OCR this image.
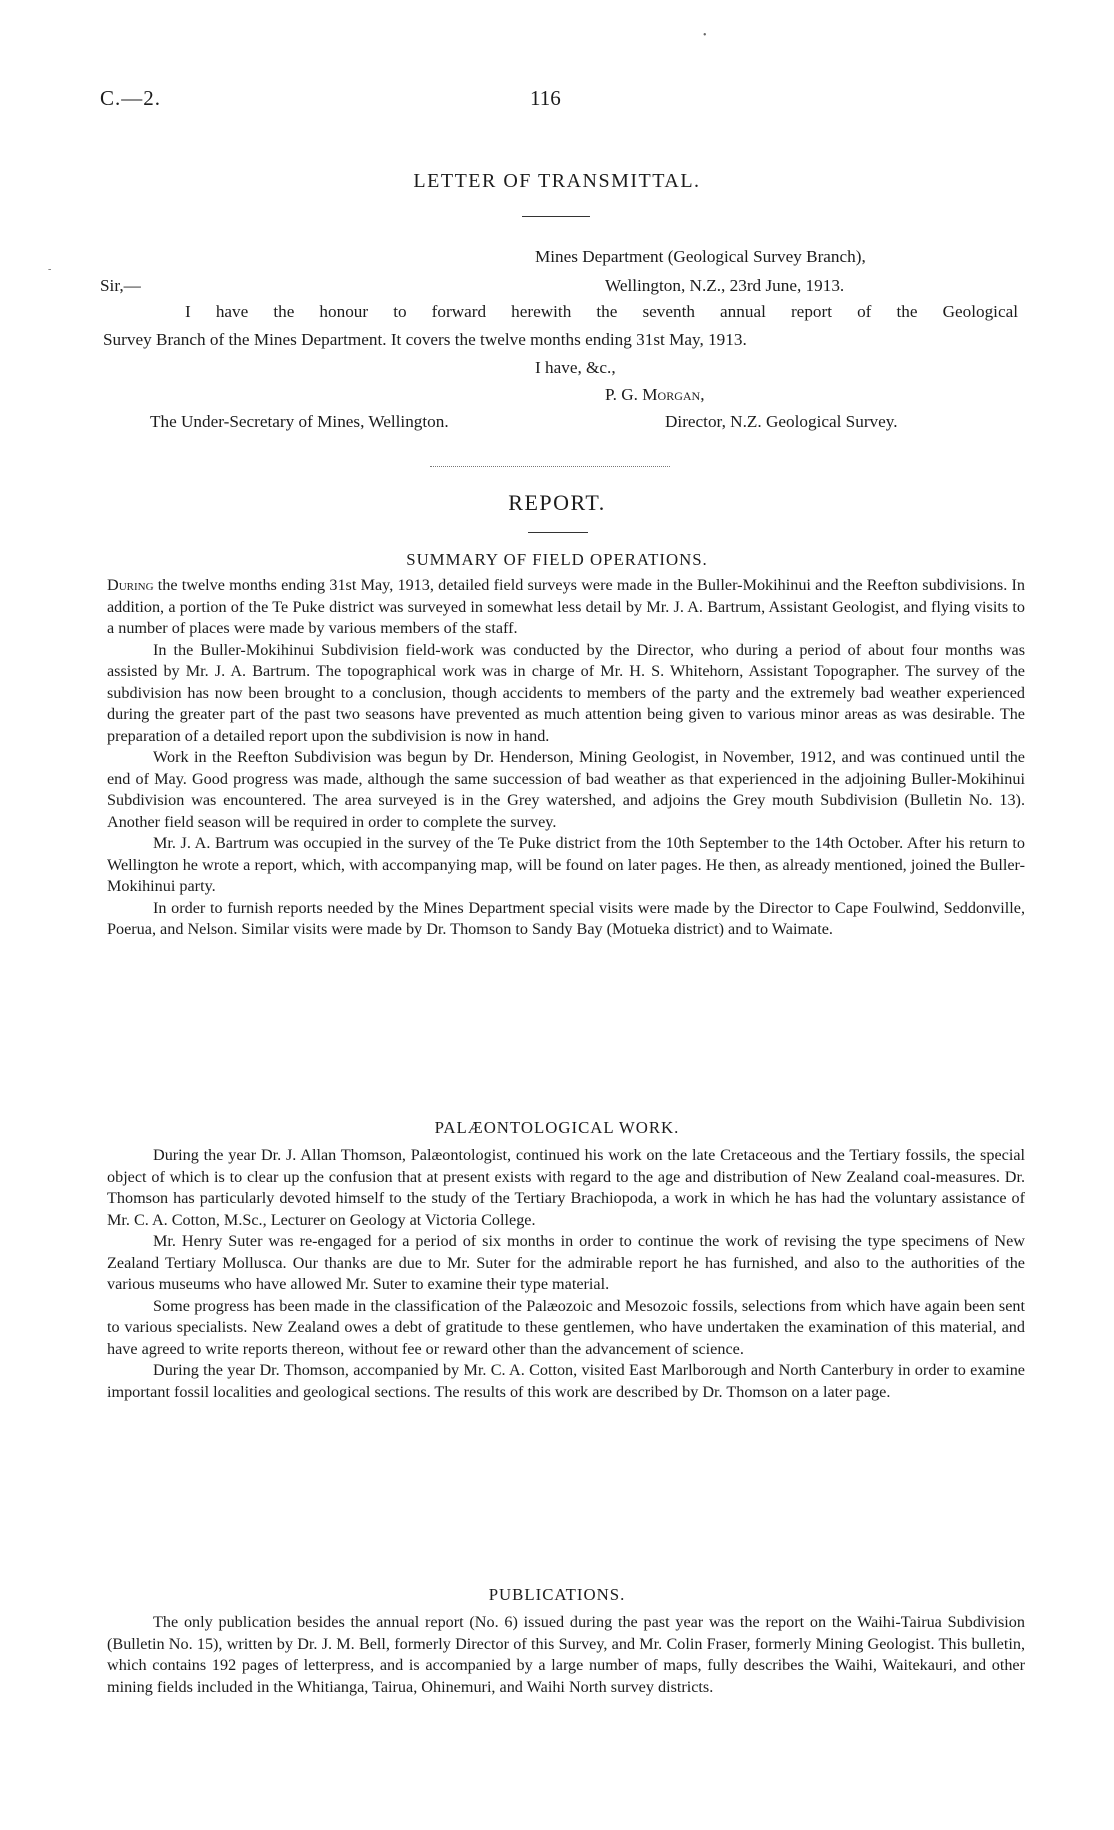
C.—2.	116
•
-
LETTER OF TRANSMITTAL.
Mines Department (Geological Survey Branch),
Sir,—	Wellington, N.Z., 23rd June, 1913.
I have the honour to forward herewith the seventh annual report of the Geological
Survey Branch of the Mines Department. It covers the twelve months ending 31st May, 1913.
I have, &c.,
P. G. Morgan,
The Under-Secretary of Mines, Wellington.	Director, N.Z. Geological Survey.
REPORT.
SUMMARY OF FIELD OPERATIONS.

During the twelve months ending 31st May, 1913, detailed field surveys were made in the Buller-Mokihinui and the Reefton subdivisions. In addition, a portion of the Te Puke district was surveyed in somewhat less detail by Mr. J. A. Bartrum, Assistant Geologist, and flying visits to a number of places were made by various members of the staff.

In the Buller-Mokihinui Subdivision field-work was conducted by the Director, who during a period of about four months was assisted by Mr. J. A. Bartrum. The topographical work was in charge of Mr. H. S. Whitehorn, Assistant Topographer. The survey of the subdivision has now been brought to a conclusion, though accidents to members of the party and the extremely bad weather experienced during the greater part of the past two seasons have prevented as much attention being given to various minor areas as was desirable. The preparation of a detailed report upon the subdivision is now in hand.

Work in the Reefton Subdivision was begun by Dr. Henderson, Mining Geologist, in November, 1912, and was continued until the end of May. Good progress was made, although the same succession of bad weather as that experienced in the adjoining Buller-Mokihinui Subdivision was encountered. The area surveyed is in the Grey watershed, and adjoins the Grey mouth Subdivision (Bulletin No. 13). Another field season will be required in order to complete the survey.

Mr. J. A. Bartrum was occupied in the survey of the Te Puke district from the 10th September to the 14th October. After his return to Wellington he wrote a report, which, with accompanying map, will be found on later pages. He then, as already mentioned, joined the Buller-Mokihinui party.

In order to furnish reports needed by the Mines Department special visits were made by the Director to Cape Foulwind, Seddonville, Poerua, and Nelson. Similar visits were made by Dr. Thomson to Sandy Bay (Motueka district) and to Waimate.

PALÆONTOLOGICAL WORK.

During the year Dr. J. Allan Thomson, Palæontologist, continued his work on the late Cretaceous and the Tertiary fossils, the special object of which is to clear up the confusion that at present exists with regard to the age and distribution of New Zealand coal-measures. Dr. Thomson has particularly devoted himself to the study of the Tertiary Brachiopoda, a work in which he has had the voluntary assistance of Mr. C. A. Cotton, M.Sc., Lecturer on Geology at Victoria College.

Mr. Henry Suter was re-engaged for a period of six months in order to continue the work of revising the type specimens of New Zealand Tertiary Mollusca. Our thanks are due to Mr. Suter for the admirable report he has furnished, and also to the authorities of the various museums who have allowed Mr. Suter to examine their type material.

Some progress has been made in the classification of the Palæozoic and Mesozoic fossils, selections from which have again been sent to various specialists. New Zealand owes a debt of gratitude to these gentlemen, who have undertaken the examination of this material, and have agreed to write reports thereon, without fee or reward other than the advancement of science.

During the year Dr. Thomson, accompanied by Mr. C. A. Cotton, visited East Marlborough and North Canterbury in order to examine important fossil localities and geological sections. The results of this work are described by Dr. Thomson on a later page.

PUBLICATIONS.

The only publication besides the annual report (No. 6) issued during the past year was the report on the Waihi-Tairua Subdivision (Bulletin No. 15), written by Dr. J. M. Bell, formerly Director of this Survey, and Mr. Colin Fraser, formerly Mining Geologist. This bulletin, which contains 192 pages of letterpress, and is accompanied by a large number of maps, fully describes the Waihi, Waitekauri, and other mining fields included in the Whitianga, Tairua, Ohinemuri, and Waihi North survey districts.
